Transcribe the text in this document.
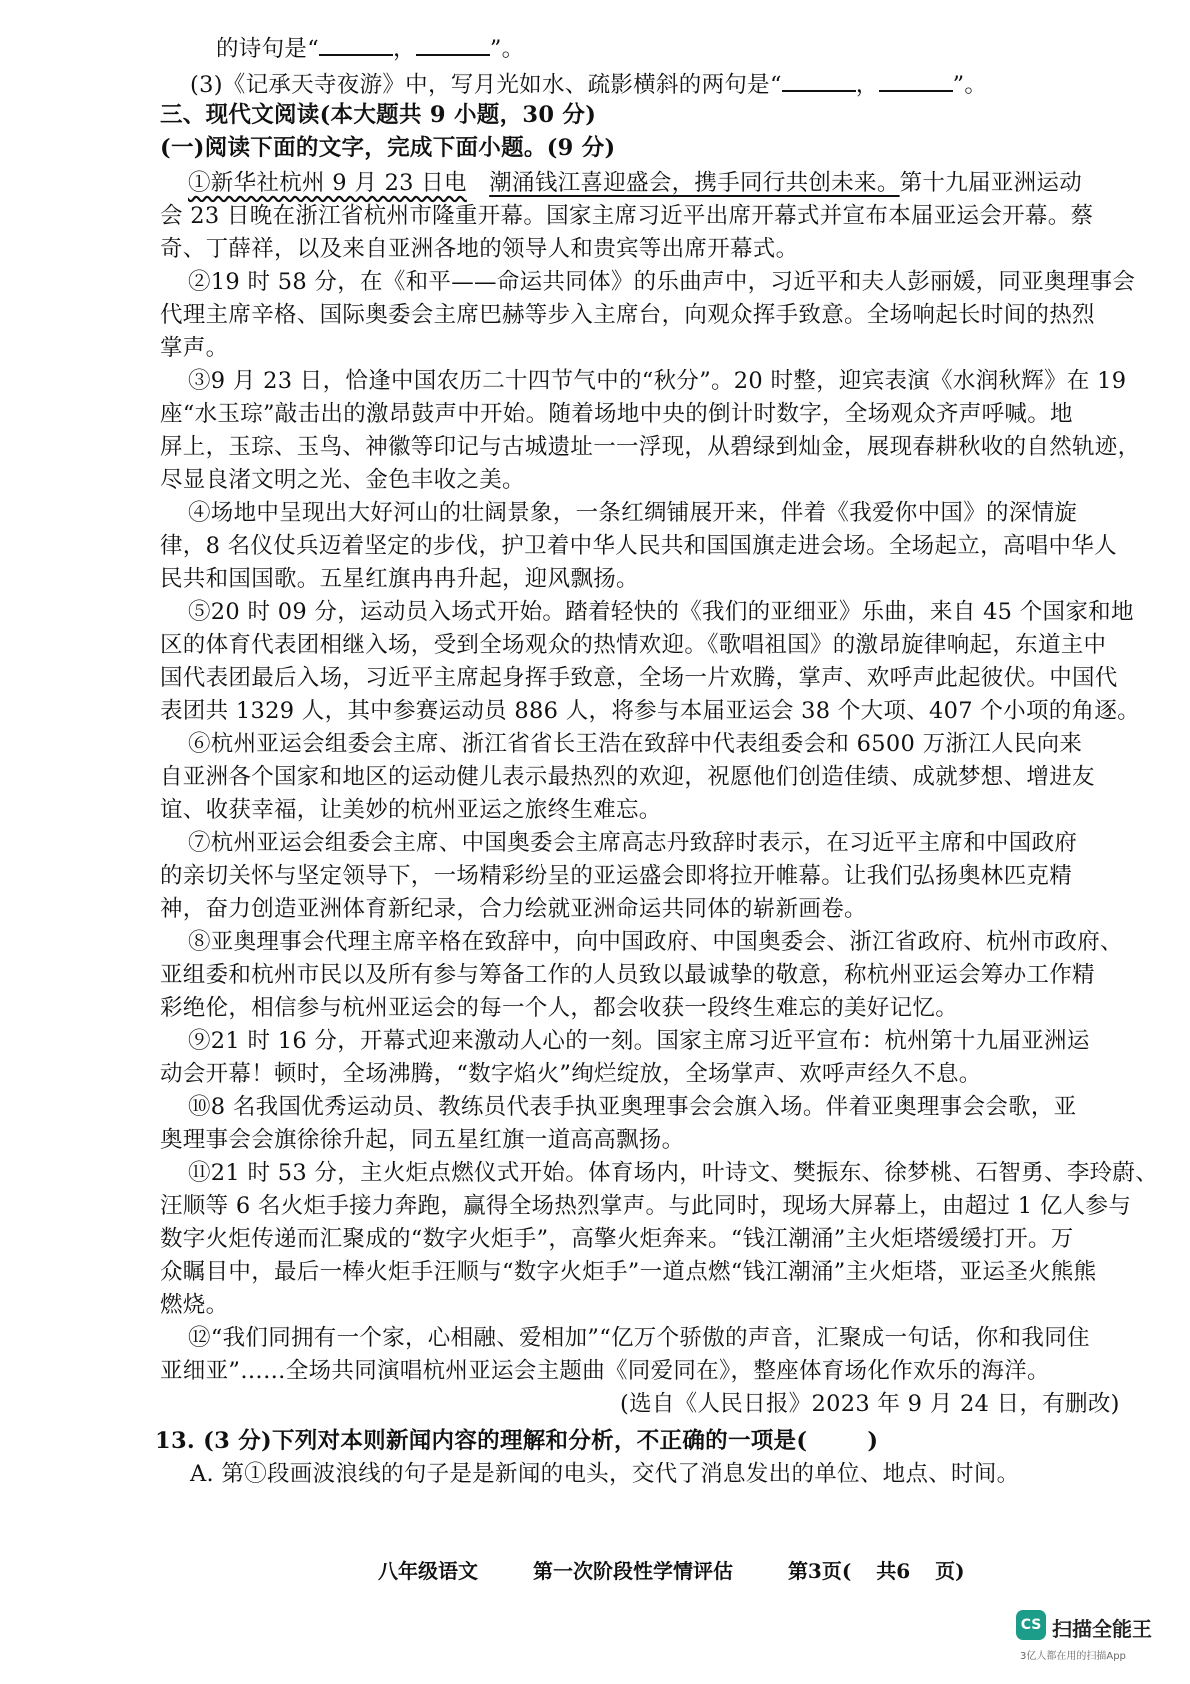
的诗句是“	，	”。
(3)《记承天寺夜游》中，写月光如水、疏影横斜的两句是“	，	”。
三、现代文阅读(本大题共 9 小题，30 分)
(一)阅读下面的文字，完成下面小题。(9 分)
①新华社杭州 9 月 23 日电 潮涌钱江喜迎盛会，携手同行共创未来。第十九届亚洲运动
会 23 日晚在浙江省杭州市隆重开幕。国家主席习近平出席开幕式并宣布本届亚运会开幕。蔡
奇、丁薛祥，以及来自亚洲各地的领导人和贵宾等出席开幕式。
②19 时 58 分，在《和平——命运共同体》的乐曲声中，习近平和夫人彭丽媛，同亚奥理事会
代理主席辛格、国际奥委会主席巴赫等步入主席台，向观众挥手致意。全场响起长时间的热烈
掌声。
③9 月 23 日，恰逢中国农历二十四节气中的“秋分”。20 时整，迎宾表演《水润秋辉》在 19
座“水玉琮”敲击出的激昂鼓声中开始。随着场地中央的倒计时数字，全场观众齐声呼喊。地
屏上，玉琮、玉鸟、神徽等印记与古城遗址一一浮现，从碧绿到灿金，展现春耕秋收的自然轨迹，
尽显良渚文明之光、金色丰收之美。
④场地中呈现出大好河山的壮阔景象，一条红绸铺展开来，伴着《我爱你中国》的深情旋
律，8 名仪仗兵迈着坚定的步伐，护卫着中华人民共和国国旗走进会场。全场起立，高唱中华人
民共和国国歌。五星红旗冉冉升起，迎风飘扬。
⑤20 时 09 分，运动员入场式开始。踏着轻快的《我们的亚细亚》乐曲，来自 45 个国家和地
区的体育代表团相继入场，受到全场观众的热情欢迎。《歌唱祖国》的激昂旋律响起，东道主中
国代表团最后入场，习近平主席起身挥手致意，全场一片欢腾，掌声、欢呼声此起彼伏。中国代
表团共 1329 人，其中参赛运动员 886 人，将参与本届亚运会 38 个大项、407 个小项的角逐。
⑥杭州亚运会组委会主席、浙江省省长王浩在致辞中代表组委会和 6500 万浙江人民向来
自亚洲各个国家和地区的运动健儿表示最热烈的欢迎，祝愿他们创造佳绩、成就梦想、增进友
谊、收获幸福，让美妙的杭州亚运之旅终生难忘。
⑦杭州亚运会组委会主席、中国奥委会主席高志丹致辞时表示，在习近平主席和中国政府
的亲切关怀与坚定领导下，一场精彩纷呈的亚运盛会即将拉开帷幕。让我们弘扬奥林匹克精
神，奋力创造亚洲体育新纪录，合力绘就亚洲命运共同体的崭新画卷。
⑧亚奥理事会代理主席辛格在致辞中，向中国政府、中国奥委会、浙江省政府、杭州市政府、
亚组委和杭州市民以及所有参与筹备工作的人员致以最诚挚的敬意，称杭州亚运会筹办工作精
彩绝伦，相信参与杭州亚运会的每一个人，都会收获一段终生难忘的美好记忆。
⑨21 时 16 分，开幕式迎来激动人心的一刻。国家主席习近平宣布：杭州第十九届亚洲运
动会开幕！顿时，全场沸腾，“数字焰火”绚烂绽放，全场掌声、欢呼声经久不息。
⑩8 名我国优秀运动员、教练员代表手执亚奥理事会会旗入场。伴着亚奥理事会会歌，亚
奥理事会会旗徐徐升起，同五星红旗一道高高飘扬。
⑪21 时 53 分，主火炬点燃仪式开始。体育场内，叶诗文、樊振东、徐梦桃、石智勇、李玲蔚、
汪顺等 6 名火炬手接力奔跑，赢得全场热烈掌声。与此同时，现场大屏幕上，由超过 1 亿人参与
数字火炬传递而汇聚成的“数字火炬手”，高擎火炬奔来。“钱江潮涌”主火炬塔缓缓打开。万
众瞩目中，最后一棒火炬手汪顺与“数字火炬手”一道点燃“钱江潮涌”主火炬塔，亚运圣火熊熊
燃烧。
⑫“我们同拥有一个家，心相融、爱相加”“亿万个骄傲的声音，汇聚成一句话，你和我同住
亚细亚”……全场共同演唱杭州亚运会主题曲《同爱同在》，整座体育场化作欢乐的海洋。
(选自《人民日报》2023 年 9 月 24 日，有删改)
13. (3 分)下列对本则新闻内容的理解和分析，不正确的一项是(	)
A. 第①段画波浪线的句子是是新闻的电头，交代了消息发出的单位、地点、时间。
八年级语文	第一次阶段性学情评估	第3页( 共6 页)
CS 扫描全能王
3亿人都在用的扫描App
